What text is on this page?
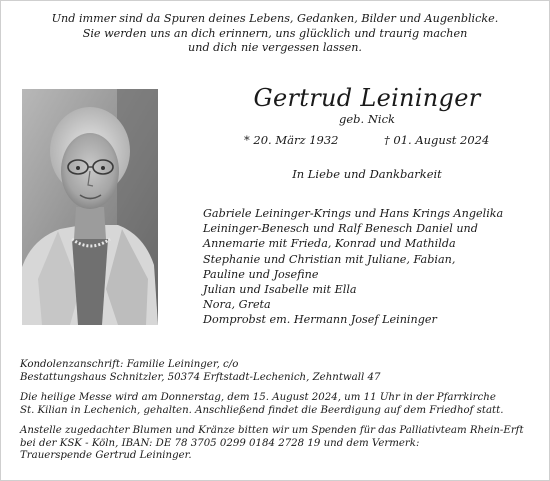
Und immer sind da Spuren deines Lebens, Gedanken, Bilder und Augenblicke.
Sie werden uns an dich erinnern, uns glücklich und traurig machen
und dich nie vergessen lassen.
Gertrud Leininger
geb. Nick
* 20. März 1932	† 01. August 2024
In Liebe und Dankbarkeit
Gabriele Leininger-Krings und Hans Krings Angelika
Leininger-Benesch und Ralf Benesch Daniel und
Annemarie mit Frieda, Konrad und Mathilda
Stephanie und Christian mit Juliane, Fabian,
Pauline und Josefine
Julian und Isabelle mit Ella
Nora, Greta
Domprobst em. Hermann Josef Leininger

Kondolenzanschrift: Familie Leininger, c/o
Bestattungshaus Schnitzler, 50374 Erftstadt-Lechenich, Zehntwall 47

Die heilige Messe wird am Donnerstag, dem 15. August 2024, um 11 Uhr in der Pfarrkirche
St. Kilian in Lechenich, gehalten. Anschließend findet die Beerdigung auf dem Friedhof statt.

Anstelle zugedachter Blumen und Kränze bitten wir um Spenden für das Palliativteam Rhein-Erft
bei der KSK - Köln, IBAN: DE 78 3705 0299 0184 2728 19 und dem Vermerk:
Trauerspende Gertrud Leininger.
